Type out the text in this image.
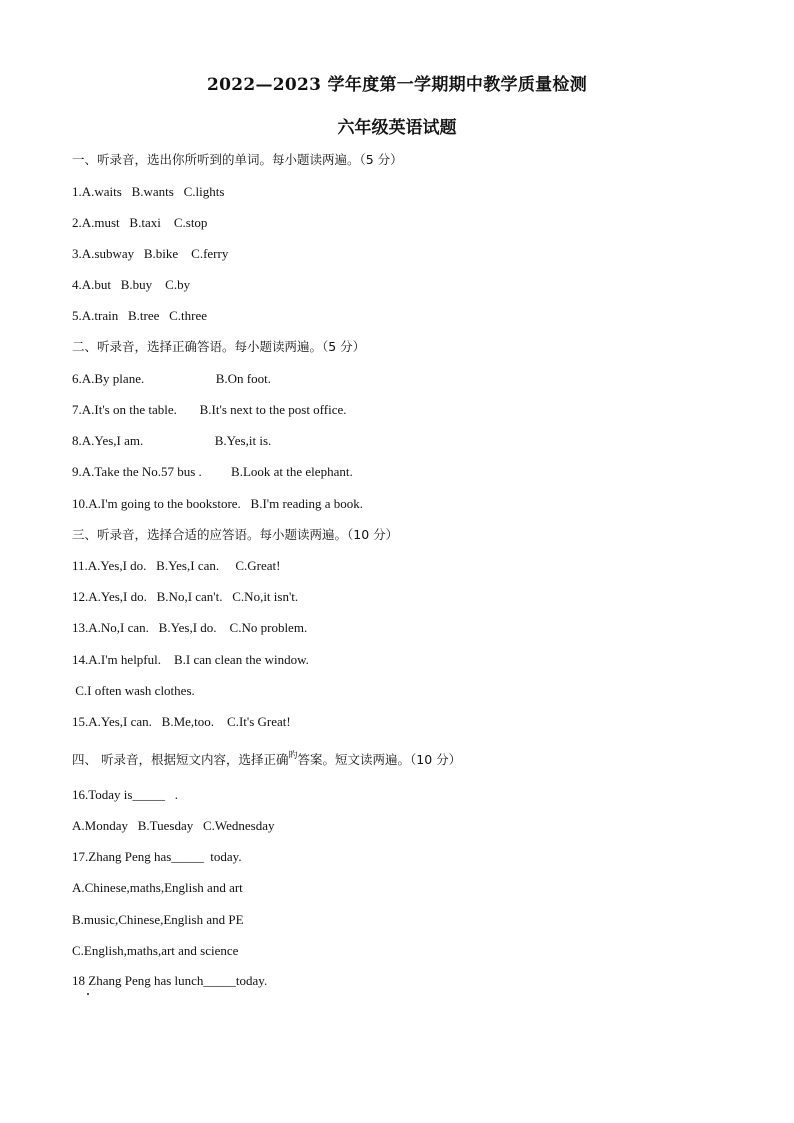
2022—2023 学年度第一学期期中教学质量检测
六年级英语试题
一、听录音，选出你所听到的单词。每小题读两遍。（5 分）
1.A.waits   B.wants   C.lights
2.A.must   B.taxi    C.stop
3.A.subway   B.bike    C.ferry
4.A.but   B.buy    C.by
5.A.train   B.tree   C.three
二、听录音，选择正确答语。每小题读两遍。（5 分）
6.A.By plane.                      B.On foot.
7.A.It's on the table.       B.It's next to the post office.
8.A.Yes,I am.                      B.Yes,it is.
9.A.Take the No.57 bus .         B.Look at the elephant.
10.A.I'm going to the bookstore.   B.I'm reading a book.
三、听录音，选择合适的应答语。每小题读两遍。（10 分）
11.A.Yes,I do.   B.Yes,I can.     C.Great!
12.A.Yes,I do.   B.No,I can't.   C.No,it isn't.
13.A.No,I can.   B.Yes,I do.    C.No problem.
14.A.I'm helpful.    B.I can clean the window.
C.I often wash clothes.
15.A.Yes,I can.   B.Me,too.    C.It's Great!
四、 听录音，根据短文内容，选择正确$^旳$答案。短文读两遍。（10 分）
16.Today is_____   .
A.Monday   B.Tuesday   C.Wednesday
17.Zhang Peng has_____  today.
A.Chinese,maths,English and art
B.music,Chinese,English and PE
C.English,maths,art and science
18 Zhang Peng has lunch_____today.
